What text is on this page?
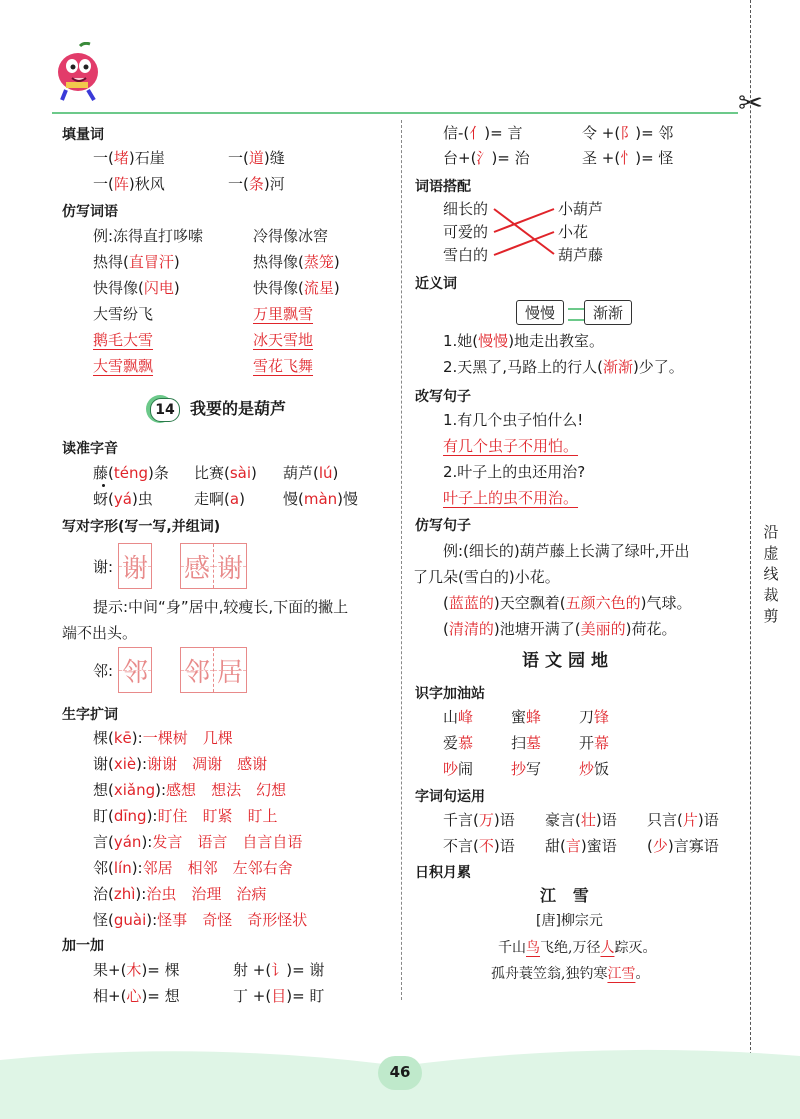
✂
沿
虚
线
裁
剪
填量词
一(堵)石崖	一(道)缝
一(阵)秋风	一(条)河
仿写词语
例:冻得直打哆嗦	冷得像冰窖
热得(直冒汗)	热得像(蒸笼)
快得像(闪电)	快得像(流星)
大雪纷飞	万里飘雪
鹅毛大雪	冰天雪地
大雪飘飘	雪花飞舞
14 我要的是葫芦
读准字音
藤(téng)条 比赛(sài) 葫芦(lú)
蚜(yá)虫	走啊(a)	慢(màn)慢
写对字形(写一写,并组词)
谢: 谢 感 谢
提示:中间“身”居中,较瘦长,下面的撇上
端不出头。
邻: 邻 邻 居
生字扩词
棵(kē):一棵树　 几棵
谢(xiè):谢谢　 凋谢　 感谢
想(xiǎng):感想　 想法　 幻想
盯(dīng):盯住　 盯紧　 盯上
言(yán):发言　 语言　 自言自语
邻(lín):邻居　 相邻　 左邻右舍
治(zhì):治虫　 治理　 治病
怪(guài):怪事　 奇怪　 奇形怪状
加一加
果+(木)= 棵	射 +(讠)= 谢
相+(心)= 想	丁 +(目)= 盯
信-(亻)= 言	令 +(阝)= 邻
台+(氵)= 治	圣 +(忄)= 怪
词语搭配
细长的
可爱的
雪白的
小葫芦
小花
葫芦藤
近义词
慢慢	渐渐
1.她(慢慢)地走出教室。
2.天黑了,马路上的行人(渐渐)少了。
改写句子
1.有几个虫子怕什么!
有几个虫子不用怕。
2.叶子上的虫还用治?
叶子上的虫不用治。
仿写句子
例:(细长的)葫芦藤上长满了绿叶,开出
了几朵(雪白的)小花。
(蓝蓝的)天空飘着(五颜六色的)气球。
(清清的)池塘开满了(美丽的)荷花。
语文园地
识字加油站
山峰	蜜蜂	刀锋
爱慕	扫墓	开幕
吵闹	抄写	炒饭
字词句运用
千言(万)语 豪言(壮)语 只言(片)语
不言(不)语 甜(言)蜜语 (少)言寡语
日积月累
江   雪
[唐]柳宗元
千山鸟飞绝,万径人踪灭。
孤舟蓑笠翁,独钓寒江雪。
46
